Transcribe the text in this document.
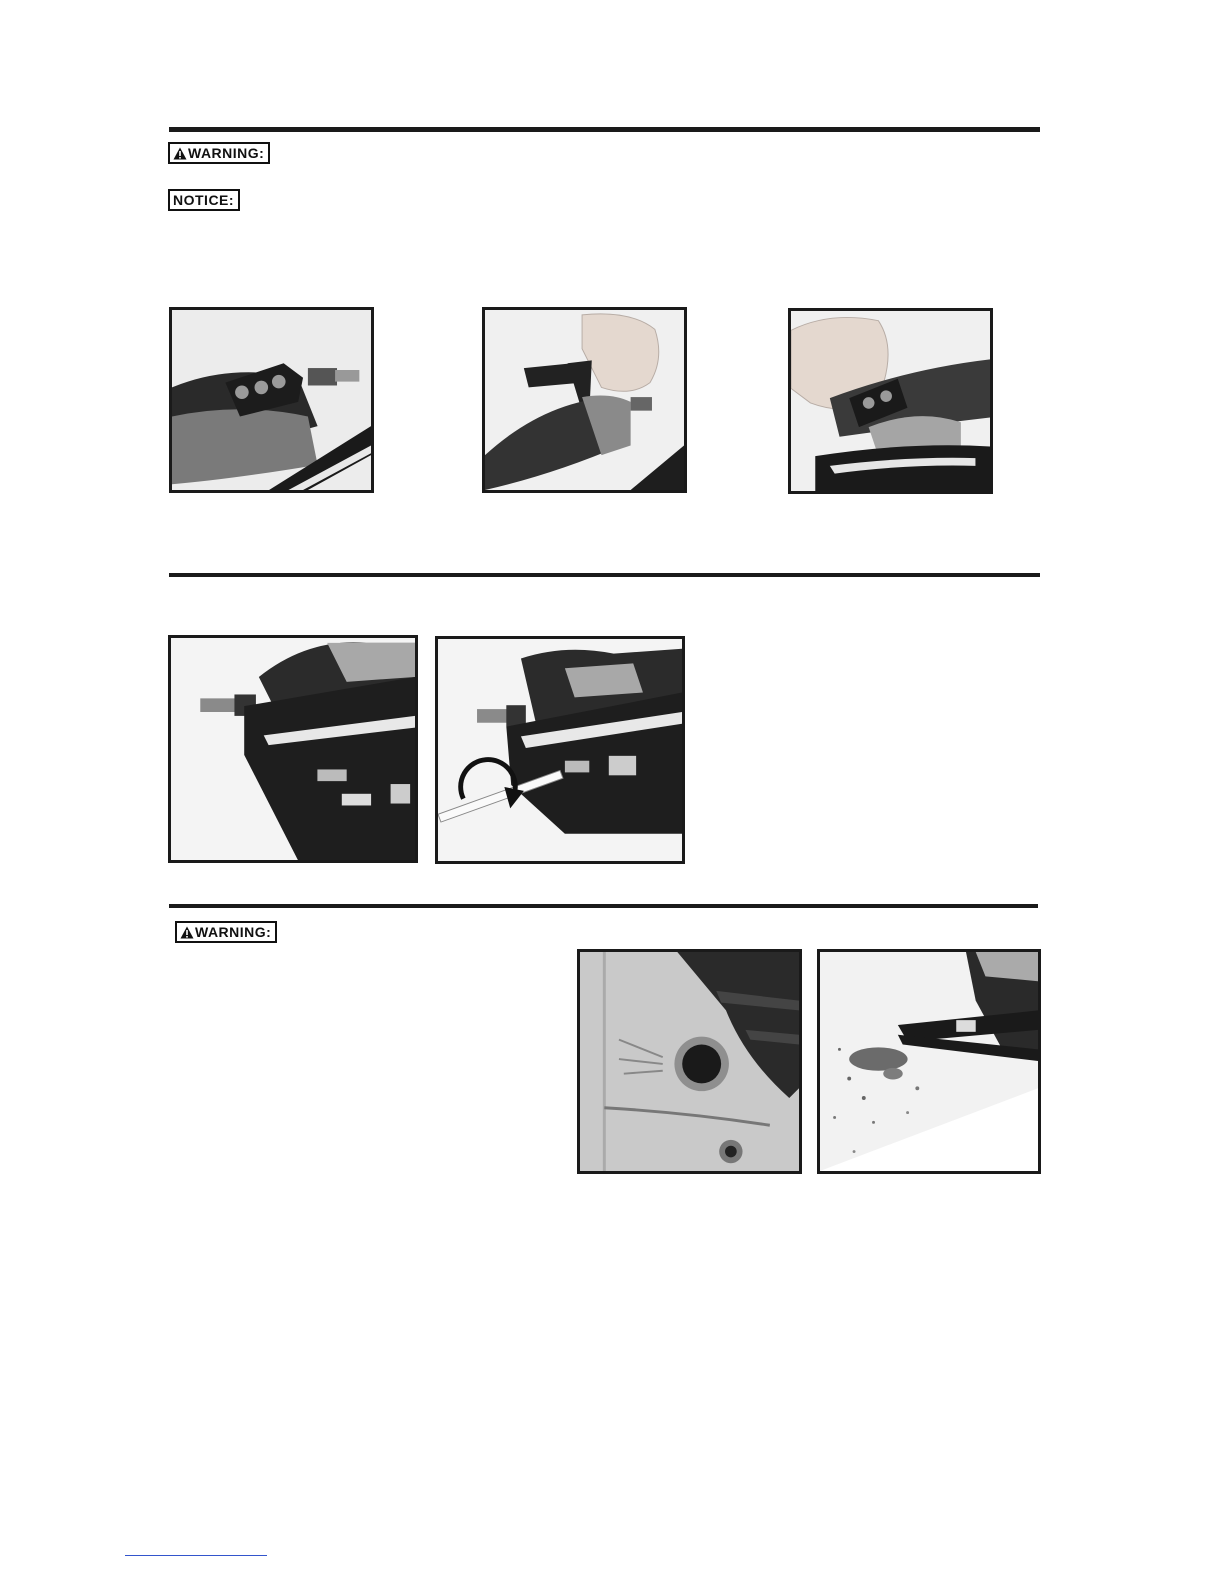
WARNING:
NOTICE:
WARNING:
